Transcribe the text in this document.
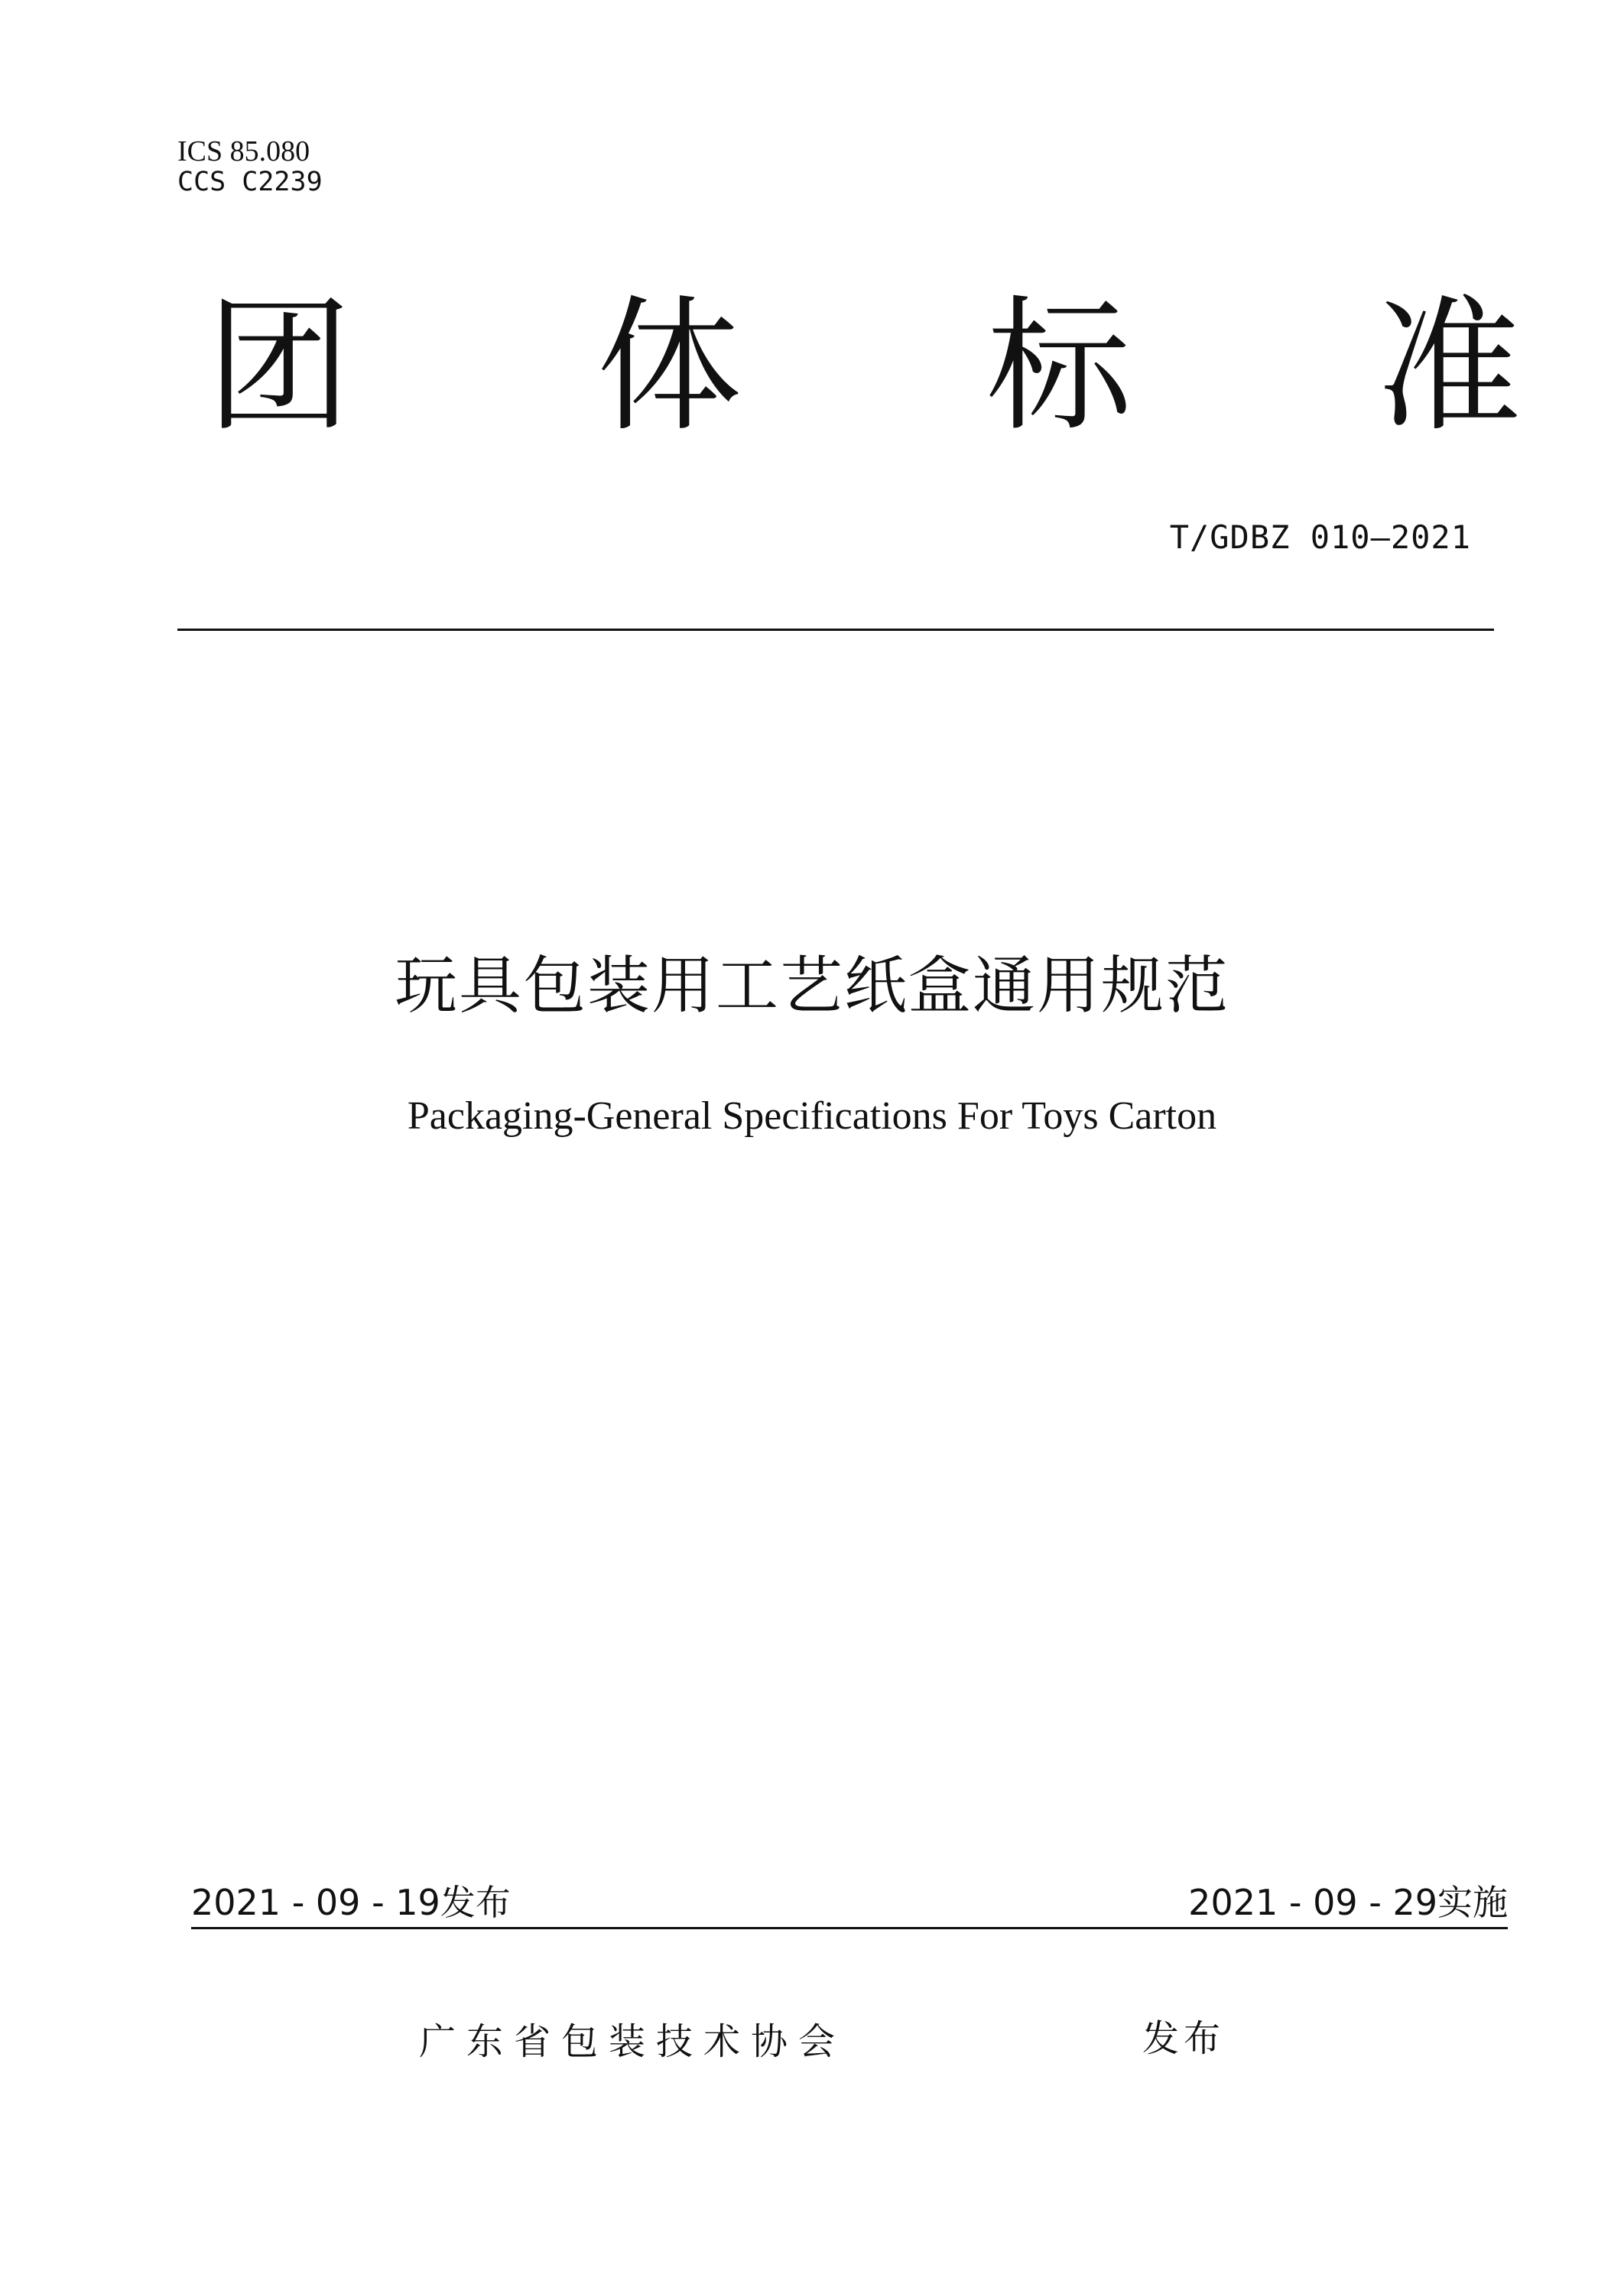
ICS 85.080
CCS C2239
团 体 标 准
T/GDBZ 010—2021
玩具包装用工艺纸盒通用规范
Packaging-General Specifications For Toys Carton
2021 - 09 - 19发布	2021 - 09 - 29实施
广东省包装技术协会	发布
